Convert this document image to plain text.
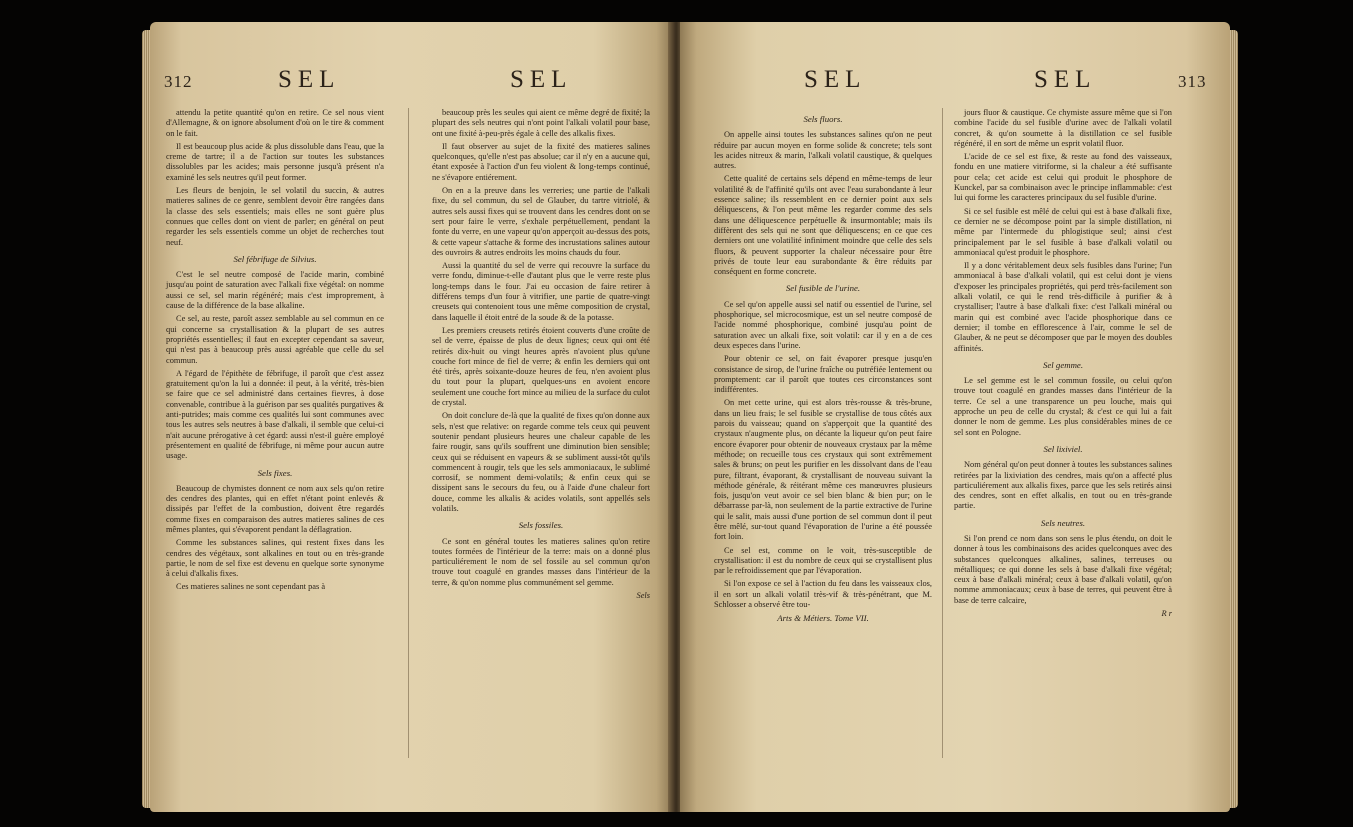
312	SEL	SEL

attendu la petite quantité qu'on en retire. Ce sel nous vient d'Allemagne, & on ignore absolument d'où on le tire & comment on le fait.

Il est beaucoup plus acide & plus dissoluble dans l'eau, que la creme de tartre; il a de l'action sur toutes les substances dissolubles par les acides; mais personne jusqu'à présent n'a examiné les sels neutres qu'il peut former.

Les fleurs de benjoin, le sel volatil du succin, & autres matieres salines de ce genre, semblent devoir être rangées dans la classe des sels essentiels; mais elles ne sont guère plus connues que celles dont on vient de parler; en général on peut regarder les sels essentiels comme un objet de recherches tout neuf.

Sel fébrifuge de Silvius.

C'est le sel neutre composé de l'acide marin, combiné jusqu'au point de saturation avec l'alkali fixe végétal: on nomme aussi ce sel, sel marin régénéré; mais c'est improprement, à cause de la différence de la base alkaline.

Ce sel, au reste, paroît assez semblable au sel commun en ce qui concerne sa crystallisation & la plupart de ses autres propriétés essentielles; il faut en excepter cependant sa saveur, qui n'est pas à beaucoup près aussi agréable que celle du sel commun.

A l'égard de l'épithète de fébrifuge, il paroît que c'est assez gratuitement qu'on la lui a donnée: il peut, à la vérité, très-bien se faire que ce sel administré dans certaines fievres, à dose convenable, contribue à la guérison par ses qualités purgatives & anti-putrides; mais comme ces qualités lui sont communes avec tous les autres sels neutres à base d'alkali, il semble que celui-ci n'ait aucune prérogative à cet égard: aussi n'est-il guère employé présentement en qualité de fébrifuge, ni même pour aucun autre usage.

Sels fixes.

Beaucoup de chymistes donnent ce nom aux sels qu'on retire des cendres des plantes, qui en effet n'étant point enlevés & dissipés par l'effet de la combustion, doivent être regardés comme fixes en comparaison des autres matieres salines de ces mêmes plantes, qui s'évaporent pendant la déflagration.

Comme les substances salines, qui restent fixes dans les cendres des végétaux, sont alkalines en tout ou en très-grande partie, le nom de sel fixe est devenu en quelque sorte synonyme à celui d'alkalis fixes.

Ces matieres salines ne sont cependant pas à

beaucoup près les seules qui aient ce même degré de fixité; la plupart des sels neutres qui n'ont point l'alkali volatil pour base, ont une fixité à-peu-près égale à celle des alkalis fixes.

Il faut observer au sujet de la fixité des matieres salines quelconques, qu'elle n'est pas absolue; car il n'y en a aucune qui, étant exposée à l'action d'un feu violent & long-temps continué, ne s'évapore entiérement.

On en a la preuve dans les verreries; une partie de l'alkali fixe, du sel commun, du sel de Glauber, du tartre vitriolé, & autres sels aussi fixes qui se trouvent dans les cendres dont on se sert pour faire le verre, s'exhale perpétuellement, pendant la fonte du verre, en une vapeur qu'on apperçoit au-dessus des pots, & cette vapeur s'attache & forme des incrustations salines autour des ouvroirs & autres endroits les moins chauds du four.

Aussi la quantité du sel de verre qui recouvre la surface du verre fondu, diminue-t-elle d'autant plus que le verre reste plus long-temps dans le four. J'ai eu occasion de faire retirer à différens temps d'un four à vitrifier, une partie de quatre-vingt creusets qui contenoient tous une même composition de crystal, dans laquelle il étoit entré de la soude & de la potasse.

Les premiers creusets retirés étoient couverts d'une croûte de sel de verre, épaisse de plus de deux lignes; ceux qui ont été retirés dix-huit ou vingt heures après n'avoient plus qu'une couche fort mince de fiel de verre; & enfin les derniers qui ont été tirés, après soixante-douze heures de feu, n'en avoient plus du tout pour la plupart, quelques-uns en avoient encore seulement une couche fort mince au milieu de la surface du culot de crystal.

On doit conclure de-là que la qualité de fixes qu'on donne aux sels, n'est que relative: on regarde comme tels ceux qui peuvent soutenir pendant plusieurs heures une chaleur capable de les faire rougir, sans qu'ils souffrent une diminution bien sensible; ceux qui se réduisent en vapeurs & se subliment aussi-tôt qu'ils commencent à rougir, tels que les sels ammoniacaux, le sublimé corrosif, se nomment demi-volatils; & enfin ceux qui se dissipent sans le secours du feu, ou à l'aide d'une chaleur fort douce, comme les alkalis & acides volatils, sont appellés sels volatils.

Sels fossiles.

Ce sont en général toutes les matieres salines qu'on retire toutes formées de l'intérieur de la terre: mais on a donné plus particuliérement le nom de sel fossile au sel commun qu'on trouve tout coagulé en grandes masses dans l'intérieur de la terre, & qu'on nomme plus communément sel gemme.

Sels

SEL	SEL	313

Sels fluors.

On appelle ainsi toutes les substances salines qu'on ne peut réduire par aucun moyen en forme solide & concrete; tels sont les acides nitreux & marin, l'alkali volatil caustique, & quelques autres.

Cette qualité de certains sels dépend en même-temps de leur volatilité & de l'affinité qu'ils ont avec l'eau surabondante à leur essence saline; ils ressemblent en ce dernier point aux sels déliquescens, & l'on peut même les regarder comme des sels dans une déliquescence perpétuelle & insurmontable; mais ils diffèrent des sels qui ne sont que déliquescens; en ce que ces derniers ont une volatilité infiniment moindre que celle des sels fluors, & peuvent supporter la chaleur nécessaire pour être privés de toute leur eau surabondante & être réduits par conséquent en forme concrete.

Sel fusible de l'urine.

Ce sel qu'on appelle aussi sel natif ou essentiel de l'urine, sel phosphorique, sel microcosmique, est un sel neutre composé de l'acide nommé phosphorique, combiné jusqu'au point de saturation avec un alkali fixe, soit volatil: car il y en a de ces deux especes dans l'urine.

Pour obtenir ce sel, on fait évaporer presque jusqu'en consistance de sirop, de l'urine fraîche ou putréfiée lentement ou promptement: car il paroît que toutes ces circonstances sont indifférentes.

On met cette urine, qui est alors très-rousse & très-brune, dans un lieu frais; le sel fusible se crystallise de tous côtés aux parois du vaisseau; quand on s'apperçoit que la quantité des crystaux n'augmente plus, on décante la liqueur qu'on peut faire encore évaporer pour obtenir de nouveaux crystaux par la même méthode; on recueille tous ces crystaux qui sont extrêmement sales & bruns; on peut les purifier en les dissolvant dans de l'eau pure, filtrant, évaporant, & crystallisant de nouveau suivant la méthode générale, & réitérant même ces manœuvres plusieurs fois, jusqu'on veut avoir ce sel bien blanc & bien pur; on le débarrasse par-là, non seulement de la partie extractive de l'urine qui le salit, mais aussi d'une portion de sel commun dont il peut être mêlé, sur-tout quand l'évaporation de l'urine a été poussée fort loin.

Ce sel est, comme on le voit, très-susceptible de crystallisation: il est du nombre de ceux qui se crystallisent plus par le refroidissement que par l'évaporation.

Si l'on expose ce sel à l'action du feu dans les vaisseaux clos, il en sort un alkali volatil très-vif & très-pénétrant, que M. Schlosser a observé être tou-

Arts & Métiers. Tome VII.

jours fluor & caustique. Ce chymiste assure même que si l'on combine l'acide du sel fusible d'urine avec de l'alkali volatil concret, & qu'on soumette à la distillation ce sel fusible régénéré, il en sort de même un esprit volatil fluor.

L'acide de ce sel est fixe, & reste au fond des vaisseaux, fondu en une matiere vitriforme, si la chaleur a été suffisante pour cela; cet acide est celui qui produit le phosphore de Kunckel, par sa combinaison avec le principe inflammable: c'est lui qui forme les caracteres principaux du sel fusible d'urine.

Si ce sel fusible est mêlé de celui qui est à base d'alkali fixe, ce dernier ne se décompose point par la simple distillation, ni même par l'intermede du phlogistique seul; ainsi c'est principalement par le sel fusible à base d'alkali volatil ou ammoniacal qu'est produit le phosphore.

Il y a donc véritablement deux sels fusibles dans l'urine; l'un ammoniacal à base d'alkali volatil, qui est celui dont je viens d'exposer les principales propriétés, qui perd très-facilement son alkali volatil, ce qui le rend très-difficile à purifier & à crystalliser; l'autre à base d'alkali fixe: c'est l'alkali minéral ou marin qui est combiné avec l'acide phosphorique dans ce dernier; il tombe en efflorescence à l'air, comme le sel de Glauber, & ne peut se décomposer que par le moyen des doubles affinités.

Sel gemme.

Le sel gemme est le sel commun fossile, ou celui qu'on trouve tout coagulé en grandes masses dans l'intérieur de la terre. Ce sel a une transparence un peu louche, mais qui approche un peu de celle du crystal; & c'est ce qui lui a fait donner le nom de gemme. Les plus considérables mines de ce sel sont en Pologne.

Sel lixiviel.

Nom général qu'on peut donner à toutes les substances salines retirées par la lixiviation des cendres, mais qu'on a affecté plus particuliérement aux alkalis fixes, parce que les sels retirés ainsi des cendres, sont en effet alkalis, en tout ou en très-grande partie.

Sels neutres.

Si l'on prend ce nom dans son sens le plus étendu, on doit le donner à tous les combinaisons des acides quelconques avec des substances quelconques alkalines, salines, terreuses ou métalliques; ce qui donne les sels à base d'alkali fixe végétal; ceux à base d'alkali minéral; ceux à base d'alkali volatil, qu'on nomme ammoniacaux; ceux à base de terres, qui peuvent être à base de terre calcaire,

R r
